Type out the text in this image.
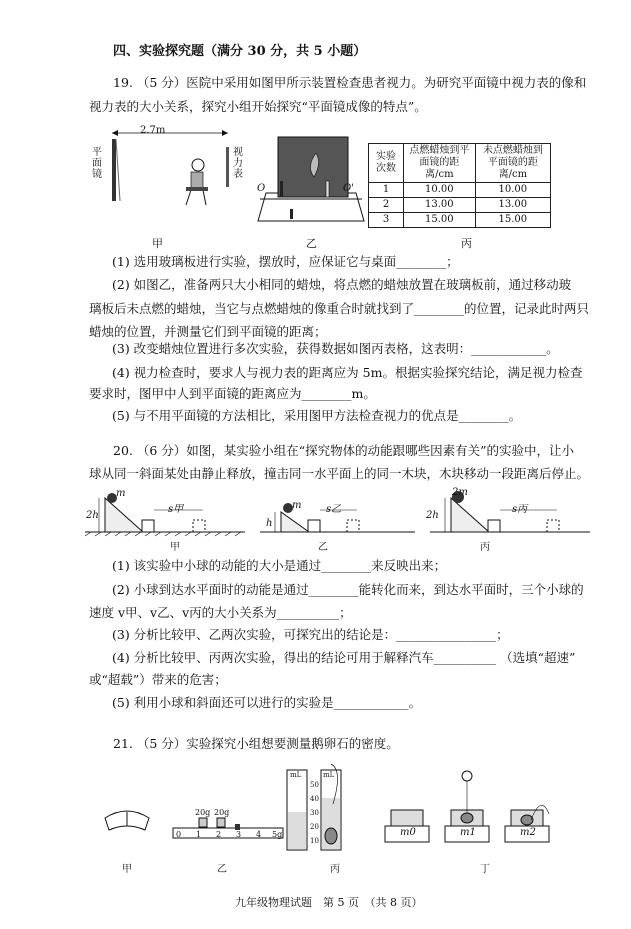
四、实验探究题（满分 30 分，共 5 小题）
19. （5 分）医院中采用如图甲所示装置检查患者视力。为研究平面镜中视力表的像和
视力表的大小关系，探究小组开始探究“平面镜成像的特点”。
2.7m
平面镜
视力表
O	O'
实验次数	点燃蜡烛到平面镜的距离/cm	未点燃蜡烛到平面镜的距离/cm
1	10.00	10.00
2	13.00	13.00
3	15.00	15.00
甲	乙	丙
(1) 选用玻璃板进行实验，摆放时，应保证它与桌面________；
(2) 如图乙，准备两只大小相同的蜡烛，将点燃的蜡烛放置在玻璃板前，通过移动玻
璃板后未点燃的蜡烛，当它与点燃蜡烛的像重合时就找到了________的位置，记录此时两只
蜡烛的位置，并测量它们到平面镜的距离；
(3) 改变蜡烛位置进行多次实验，获得数据如图丙表格，这表明：____________。
(4) 视力检查时，要求人与视力表的距离应为 5m。根据实验探究结论，满足视力检查
要求时，图甲中人到平面镜的距离应为________m。
(5) 与不用平面镜的方法相比，采用图甲方法检查视力的优点是________。
20. （6 分）如图，某实验小组在“探究物体的动能跟哪些因素有关”的实验中，让小
球从同一斜面某处由静止释放，撞击同一水平面上的同一木块，木块移动一段距离后停止。
m
2h
s甲	m
h
s乙
2m
2h
s丙
甲	乙	丙
(1) 该实验中小球的动能的大小是通过________来反映出来；
(2) 小球到达水平面时的动能是通过________能转化而来，到达水平面时，三个小球的
速度 v甲、v乙、v丙的大小关系为__________；
(3) 分析比较甲、乙两次实验，可探究出的结论是：________________；
(4) 分析比较甲、丙两次实验，得出的结论可用于解释汽车__________ （选填“超速”
或“超载”）带来的危害；
(5) 利用小球和斜面还可以进行的实验是____________。
21. （5 分）实验探究小组想要测量鹅卵石的密度。
20g 20g
0 1 2 3 4 5g
mL	mL
50
40
30
20
10
m0	m1	m2
甲	乙	丙	丁
九年级物理试题　第 5 页　（共 8 页）
